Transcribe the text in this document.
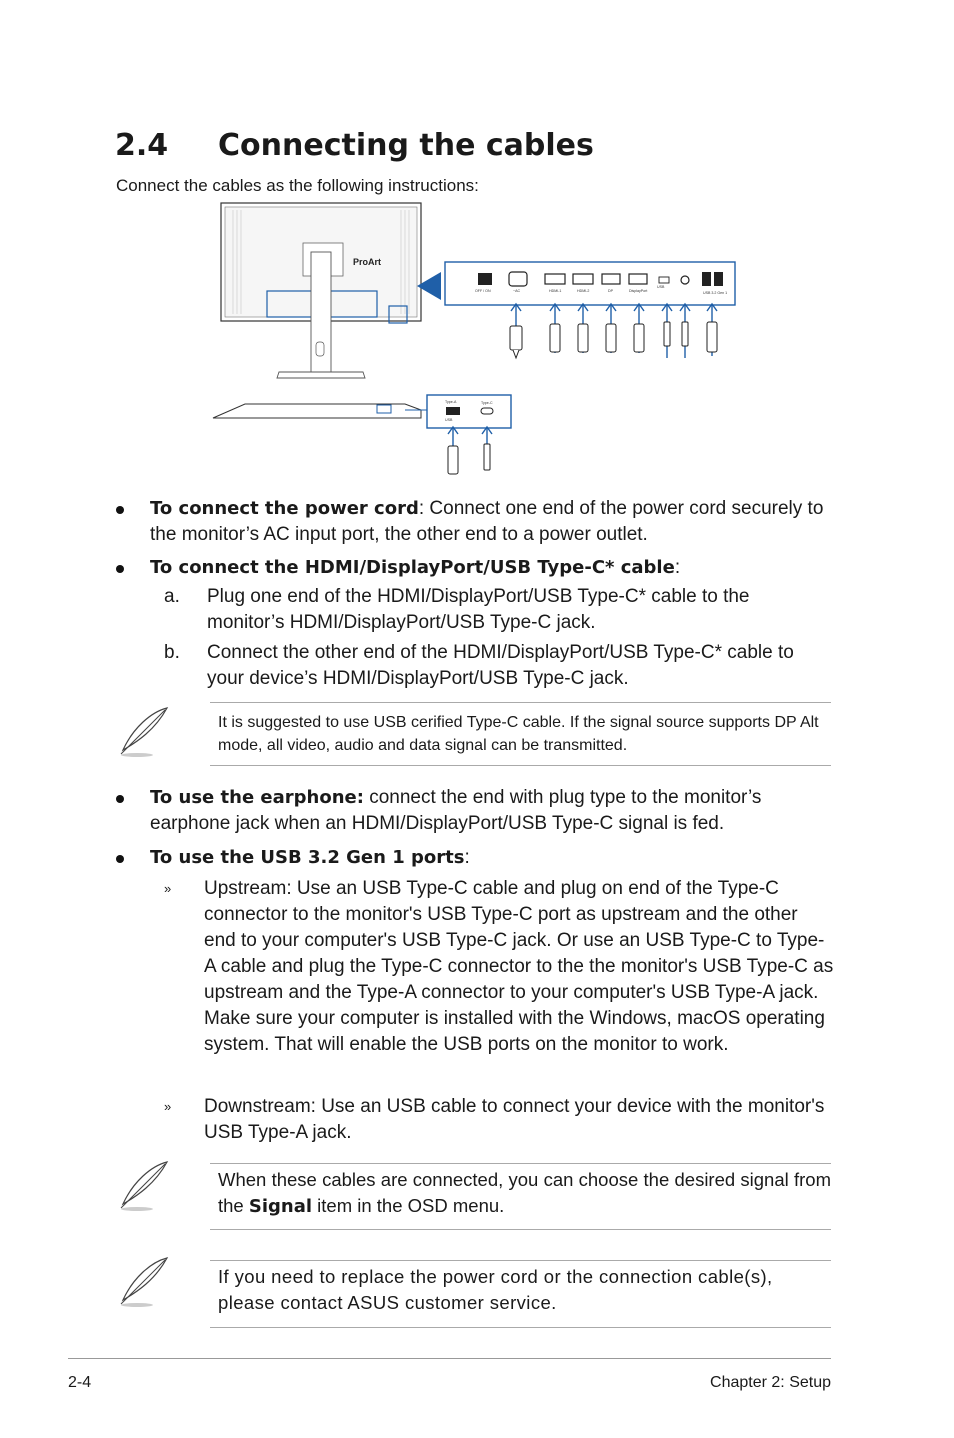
2.4 Connecting the cables
Connect the cables as the following instructions:
ProArt
OFF / ON	~AC	HDMI-1	HDMI-2	DP	DisplayPort
USB
USB 3.2 Gen 1
Type-A	Type-C
USB
To connect the power cord: Connect one end of the power cord securely to the monitor’s AC input port, the other end to a power outlet.
To connect the HDMI/DisplayPort/USB Type-C* cable:
a. Plug one end of the HDMI/DisplayPort/USB Type-C* cable to the monitor’s HDMI/DisplayPort/USB Type-C jack.
b. Connect the other end of the HDMI/DisplayPort/USB Type-C* cable to your device’s HDMI/DisplayPort/USB Type-C jack.
It is suggested to use USB cerified Type-C cable. If the signal source supports DP Alt mode, all video, audio and data signal can be transmitted.
To use the earphone: connect the end with plug type to the monitor’s earphone jack when an HDMI/DisplayPort/USB Type-C signal is fed.
To use the USB 3.2 Gen 1 ports:
» Upstream: Use an USB Type-C cable and plug on end of the Type-C connector to the monitor's USB Type-C port as upstream and the other end to your computer's USB Type-C jack. Or use an USB Type-C to Type-A cable and plug the Type-C connector to the the monitor's USB Type-C as upstream and the Type-A connector to your computer's USB Type-A jack. Make sure your computer is installed with the Windows, macOS operating system. That will enable the USB ports on the monitor to work.
» Downstream: Use an USB cable to connect your device with the monitor's USB Type-A jack.
When these cables are connected, you can choose the desired signal from the Signal item in the OSD menu.
If you need to replace the power cord or the connection cable(s), please contact ASUS customer service.
2-4	Chapter 2: Setup
